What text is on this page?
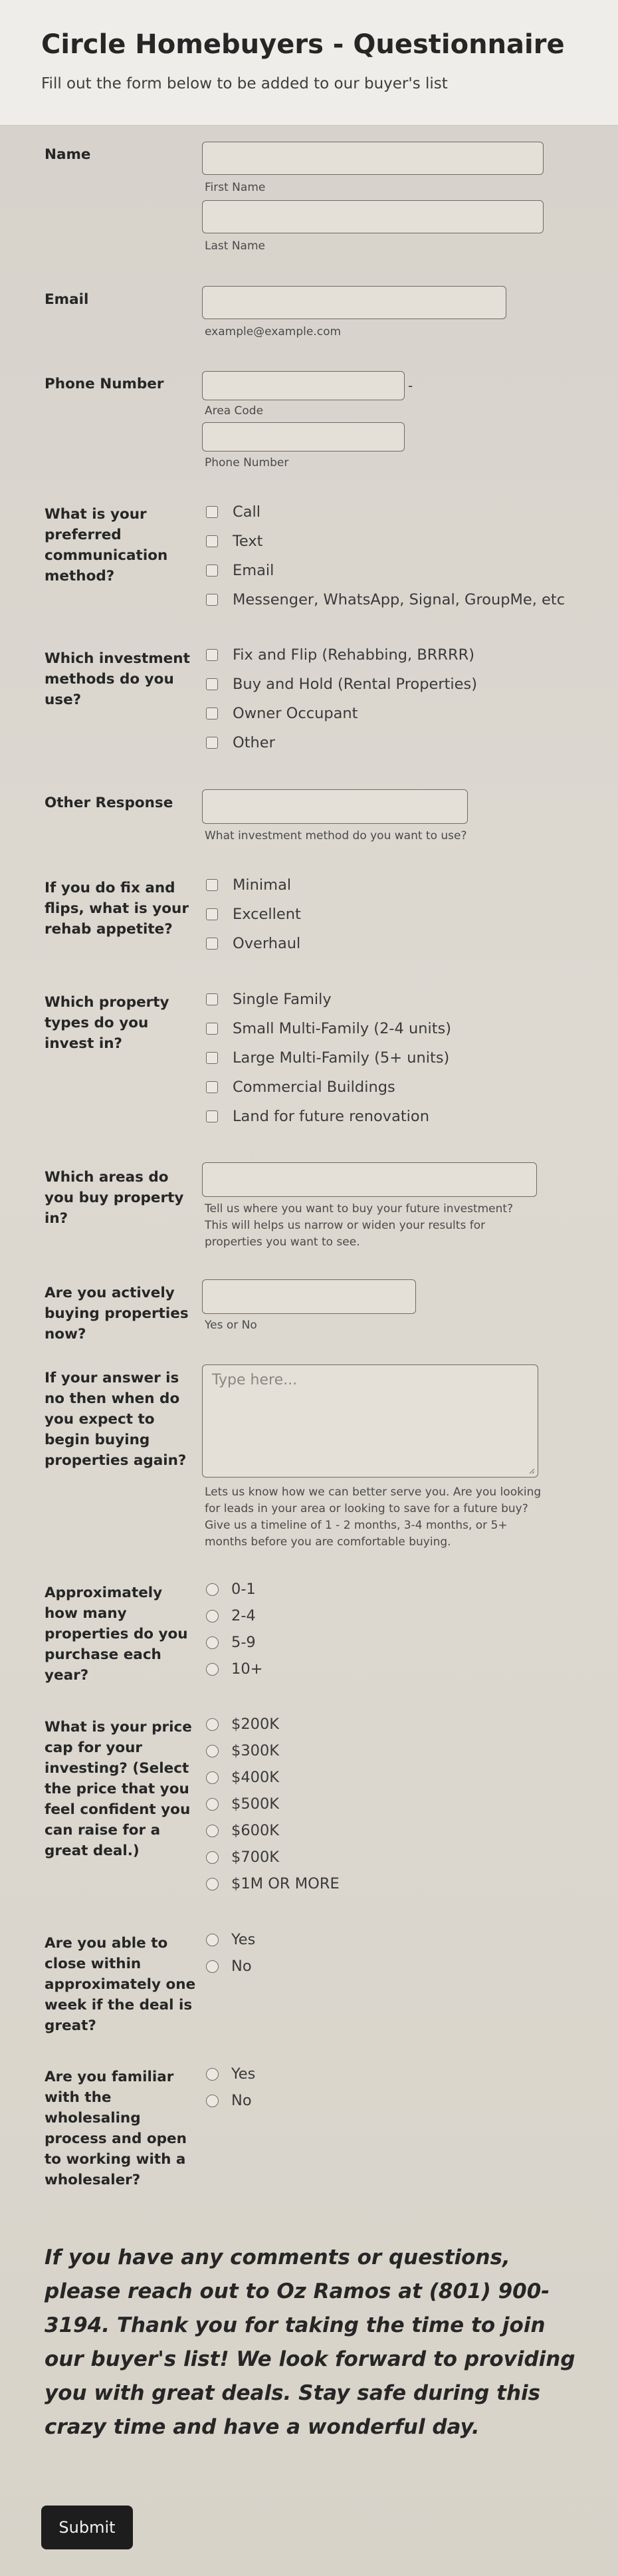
Circle Homebuyers - Questionnaire

Fill out the form below to be added to our buyer's list

Name
First Name
Last Name
Email
example@example.com
Phone Number	-
Area Code
Phone Number
What is your preferred communication method?
Call
Text
Email
Messenger, WhatsApp, Signal, GroupMe, etc
Which investment methods do you use?
Fix and Flip (Rehabbing, BRRRR)
Buy and Hold (Rental Properties)
Owner Occupant
Other
Other Response
What investment method do you want to use?
If you do fix and flips, what is your rehab appetite?
Minimal
Excellent
Overhaul
Which property types do you invest in?
Single Family
Small Multi-Family (2-4 units)
Large Multi-Family (5+ units)
Commercial Buildings
Land for future renovation
Which areas do you buy property in?
Tell us where you want to buy your future investment? This will helps us narrow or widen your results for properties you want to see.
Are you actively buying properties now?
Yes or No
If your answer is no then when do you expect to begin buying properties again?
Type here...
Lets us know how we can better serve you. Are you looking for leads in your area or looking to save for a future buy? Give us a timeline of 1 - 2 months, 3-4 months, or 5+ months before you are comfortable buying.
Approximately how many properties do you purchase each year?
0-1
2-4
5-9
10+
What is your price cap for your investing? (Select the price that you feel confident you can raise for a great deal.)
$200K
$300K
$400K
$500K
$600K
$700K
$1M OR MORE
Are you able to close within approximately one week if the deal is great?
Yes
No
Are you familiar with the wholesaling process and open to working with a wholesaler?
Yes
No
If you have any comments or questions, please reach out to Oz Ramos at (801) 900-3194. Thank you for taking the time to join our buyer's list! We look forward to providing you with great deals. Stay safe during this crazy time and have a wonderful day.
Submit
